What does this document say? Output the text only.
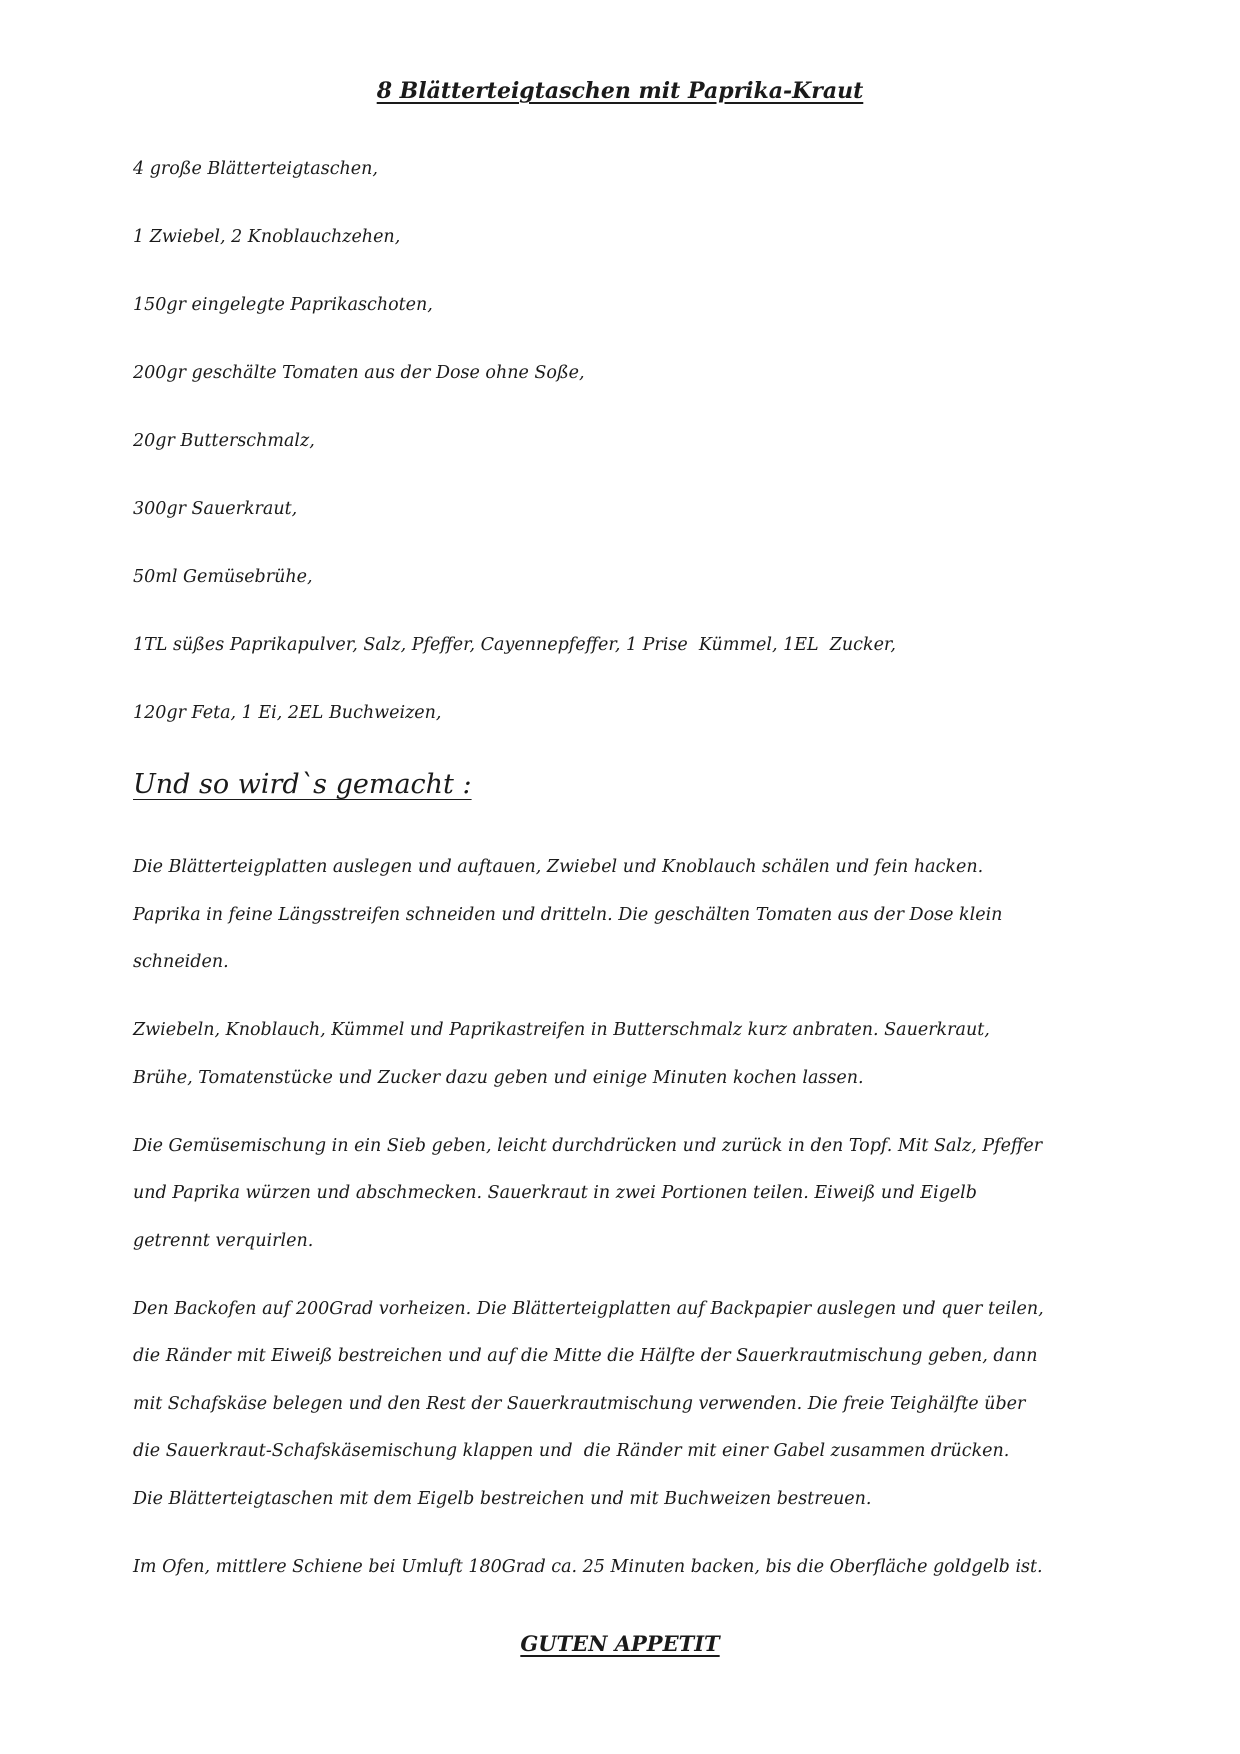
8 Blätterteigtaschen mit Paprika-Kraut
4 große Blätterteigtaschen,
1 Zwiebel, 2 Knoblauchzehen,
150gr eingelegte Paprikaschoten,
200gr geschälte Tomaten aus der Dose ohne Soße,
20gr Butterschmalz,
300gr Sauerkraut,
50ml Gemüsebrühe,
1TL süßes Paprikapulver, Salz, Pfeffer, Cayennepfeffer, 1 Prise  Kümmel, 1EL  Zucker,
120gr Feta, 1 Ei, 2EL Buchweizen,
Und so wird`s gemacht :
Die Blätterteigplatten auslegen und auftauen, Zwiebel und Knoblauch schälen und fein hacken.
Paprika in feine Längsstreifen schneiden und dritteln. Die geschälten Tomaten aus der Dose klein
schneiden.
Zwiebeln, Knoblauch, Kümmel und Paprikastreifen in Butterschmalz kurz anbraten. Sauerkraut,
Brühe, Tomatenstücke und Zucker dazu geben und einige Minuten kochen lassen.
Die Gemüsemischung in ein Sieb geben, leicht durchdrücken und zurück in den Topf. Mit Salz, Pfeffer
und Paprika würzen und abschmecken. Sauerkraut in zwei Portionen teilen. Eiweiß und Eigelb
getrennt verquirlen.
Den Backofen auf 200Grad vorheizen. Die Blätterteigplatten auf Backpapier auslegen und quer teilen,
die Ränder mit Eiweiß bestreichen und auf die Mitte die Hälfte der Sauerkrautmischung geben, dann
mit Schafskäse belegen und den Rest der Sauerkrautmischung verwenden. Die freie Teighälfte über
die Sauerkraut-Schafskäsemischung klappen und  die Ränder mit einer Gabel zusammen drücken.
Die Blätterteigtaschen mit dem Eigelb bestreichen und mit Buchweizen bestreuen.
Im Ofen, mittlere Schiene bei Umluft 180Grad ca. 25 Minuten backen, bis die Oberfläche goldgelb ist.
GUTEN APPETIT
